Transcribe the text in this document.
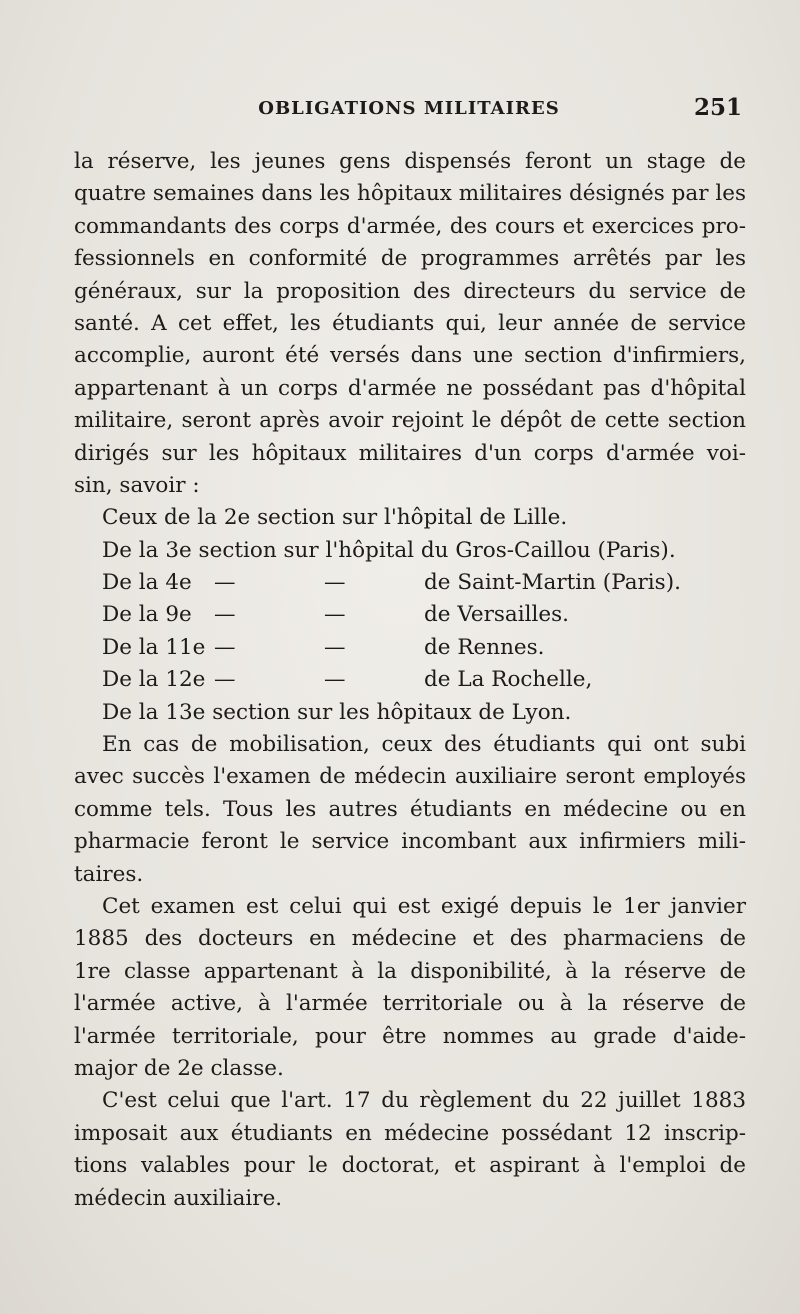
OBLIGATIONS MILITAIRES	251
la réserve, les jeunes gens dispensés feront un stage de
quatre semaines dans les hôpitaux militaires désignés par les
commandants des corps d'armée, des cours et exercices pro-
fessionnels en conformité de programmes arrêtés par les
généraux, sur la proposition des directeurs du service de
santé. A cet effet, les étudiants qui, leur année de service
accomplie, auront été versés dans une section d'infirmiers,
appartenant à un corps d'armée ne possédant pas d'hôpital
militaire, seront après avoir rejoint le dépôt de cette section
dirigés sur les hôpitaux militaires d'un corps d'armée voi-
sin, savoir :
Ceux de la 2e section sur l'hôpital de Lille.
De la 3e section sur l'hôpital du Gros-Caillou (Paris).
De la 4e	—	—	de Saint-Martin (Paris).
De la 9e	—	—	de Versailles.
De la 11e —	—	de Rennes.
De la 12e —	—	de La Rochelle,
De la 13e section sur les hôpitaux de Lyon.
En cas de mobilisation, ceux des étudiants qui ont subi
avec succès l'examen de médecin auxiliaire seront employés
comme tels. Tous les autres étudiants en médecine ou en
pharmacie feront le service incombant aux infirmiers mili-
taires.
Cet examen est celui qui est exigé depuis le 1er janvier
1885 des docteurs en médecine et des pharmaciens de
1re classe appartenant à la disponibilité, à la réserve de
l'armée active, à l'armée territoriale ou à la réserve de
l'armée territoriale, pour être nommes au grade d'aide-
major de 2e classe.
C'est celui que l'art. 17 du règlement du 22 juillet 1883
imposait aux étudiants en médecine possédant 12 inscrip-
tions valables pour le doctorat, et aspirant à l'emploi de
médecin auxiliaire.
